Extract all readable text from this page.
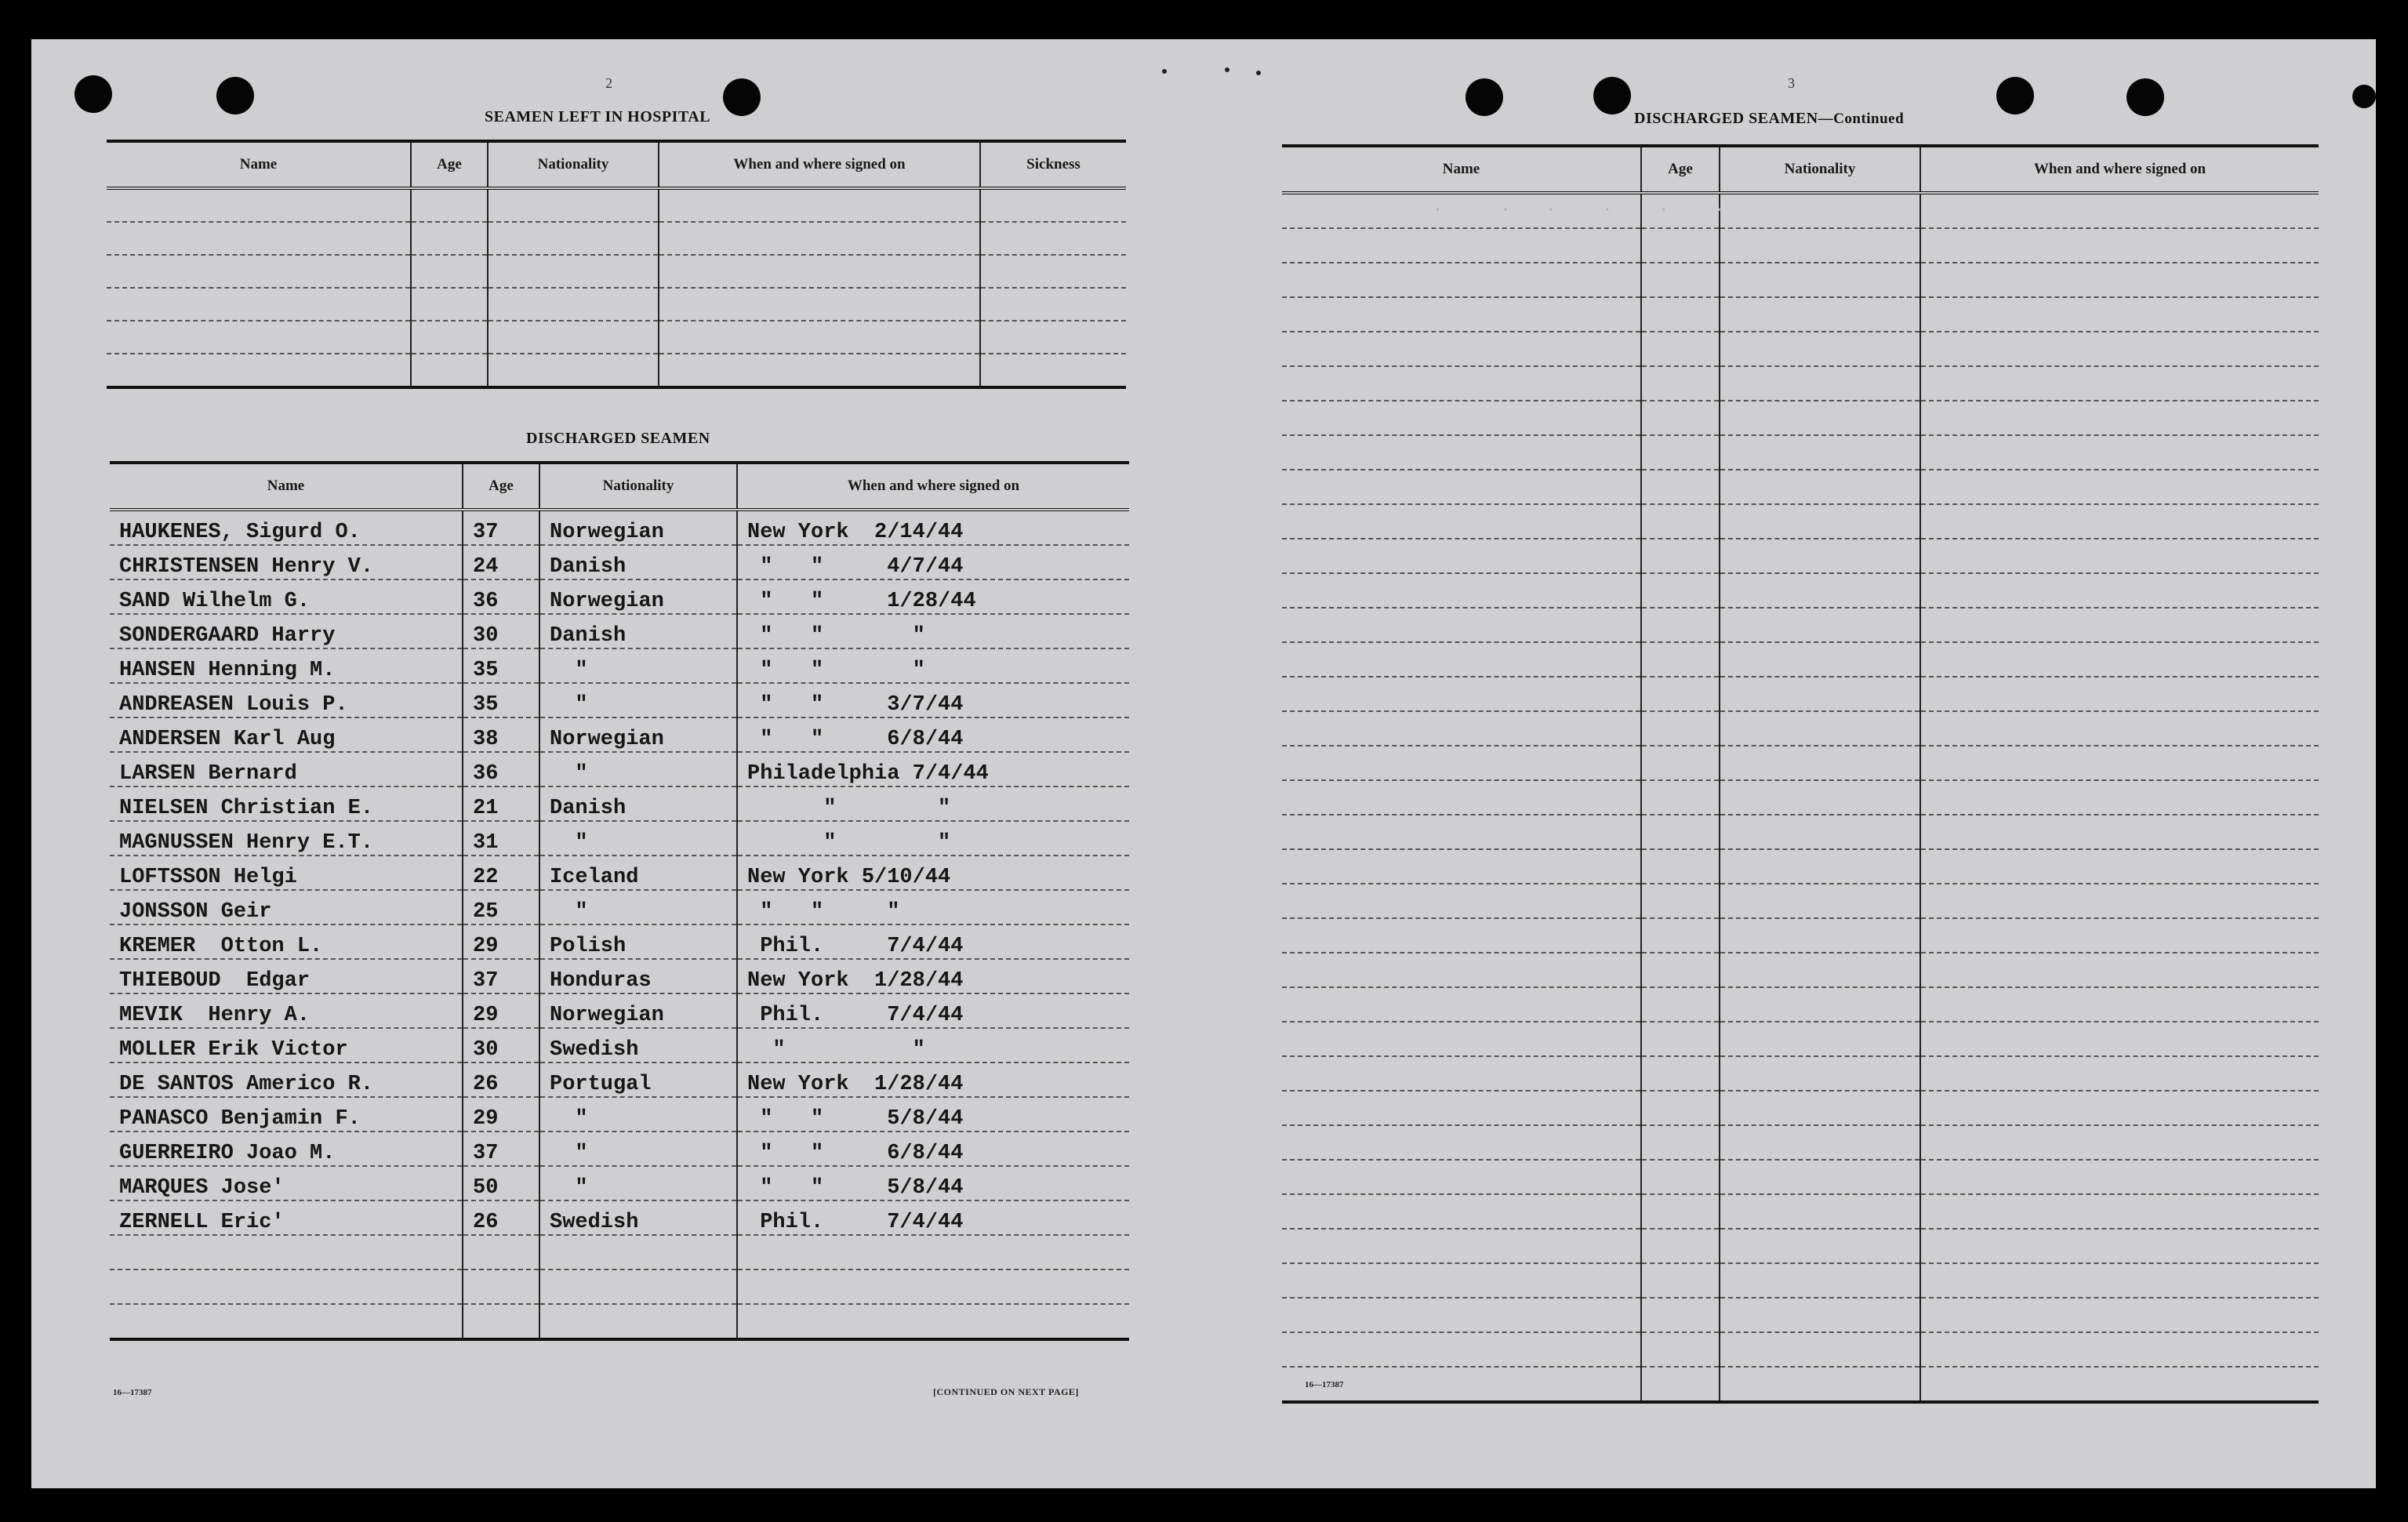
2
SEAMEN LEFT IN HOSPITAL
Name	Age	Nationality	When and where signed on	Sickness

DISCHARGED SEAMEN
Name	Age	Nationality	When and where signed on
HAUKENES, Sigurd O.	37	Norwegian	New York  2/14/44
CHRISTENSEN Henry V.	24	Danish	"   "     4/7/44
SAND Wilhelm G.	36	Norwegian	"   "     1/28/44
SONDERGAARD Harry	30	Danish	"   "       "
HANSEN Henning M.	35	"	"   "       "
ANDREASEN Louis P.	35	"	"   "     3/7/44
ANDERSEN Karl Aug	38	Norwegian	"   "     6/8/44
LARSEN Bernard	36	"	Philadelphia 7/4/44
NIELSEN Christian E.	21	Danish	"        "
MAGNUSSEN Henry E.T.	31	"	"        "
LOFTSSON Helgi	22	Iceland	New York 5/10/44
JONSSON Geir	25	"	"   "     "
KREMER  Otton L.	29	Polish	Phil.     7/4/44
THIEBOUD  Edgar	37	Honduras	New York  1/28/44
MEVIK  Henry A.	29	Norwegian	Phil.     7/4/44
MOLLER Erik Victor	30	Swedish	"          "
DE SANTOS Americo R.	26	Portugal	New York  1/28/44
PANASCO Benjamin F.	29	"	"   "     5/8/44
GUERREIRO Joao M.	37	"	"   "     6/8/44
MARQUES Jose'	50	"	"   "     5/8/44
ZERNELL Eric'	26	Swedish	Phil.     7/4/44

16—17387	[CONTINUED ON NEXT PAGE]
3
DISCHARGED SEAMEN—Continued
Name	Age	Nationality	When and where signed on

.     .   .    .    .    .
16—17387
